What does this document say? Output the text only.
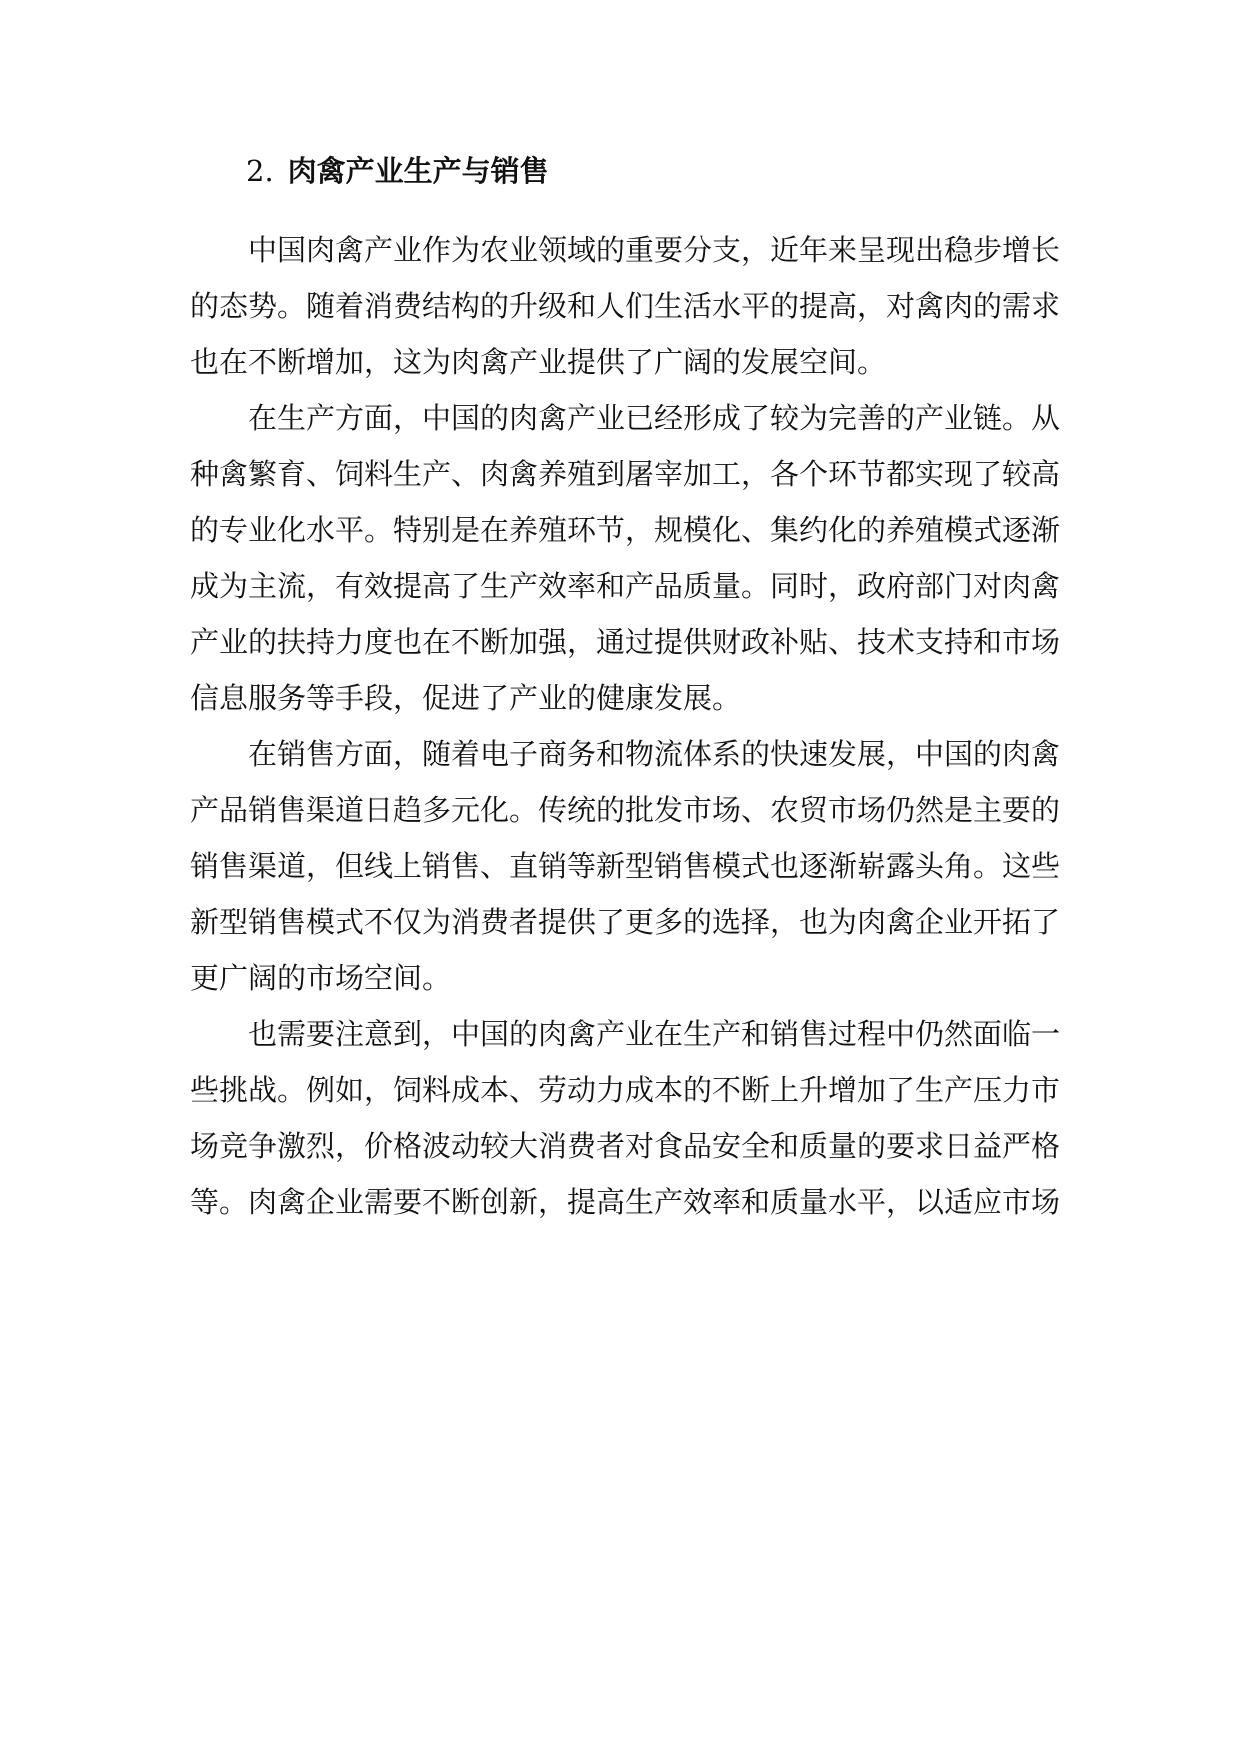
2. 肉禽产业生产与销售

中国肉禽产业作为农业领域的重要分支，近年来呈现出稳步增长
的态势。随着消费结构的升级和人们生活水平的提高，对禽肉的需求
也在不断增加，这为肉禽产业提供了广阔的发展空间。

在生产方面，中国的肉禽产业已经形成了较为完善的产业链。从
种禽繁育、饲料生产、肉禽养殖到屠宰加工，各个环节都实现了较高
的专业化水平。特别是在养殖环节，规模化、集约化的养殖模式逐渐
成为主流，有效提高了生产效率和产品质量。同时，政府部门对肉禽
产业的扶持力度也在不断加强，通过提供财政补贴、技术支持和市场
信息服务等手段，促进了产业的健康发展。

在销售方面，随着电子商务和物流体系的快速发展，中国的肉禽
产品销售渠道日趋多元化。传统的批发市场、农贸市场仍然是主要的
销售渠道，但线上销售、直销等新型销售模式也逐渐崭露头角。这些
新型销售模式不仅为消费者提供了更多的选择，也为肉禽企业开拓了
更广阔的市场空间。

也需要注意到，中国的肉禽产业在生产和销售过程中仍然面临一
些挑战。例如，饲料成本、劳动力成本的不断上升增加了生产压力市
场竞争激烈，价格波动较大消费者对食品安全和质量的要求日益严格
等。肉禽企业需要不断创新，提高生产效率和质量水平，以适应市场
